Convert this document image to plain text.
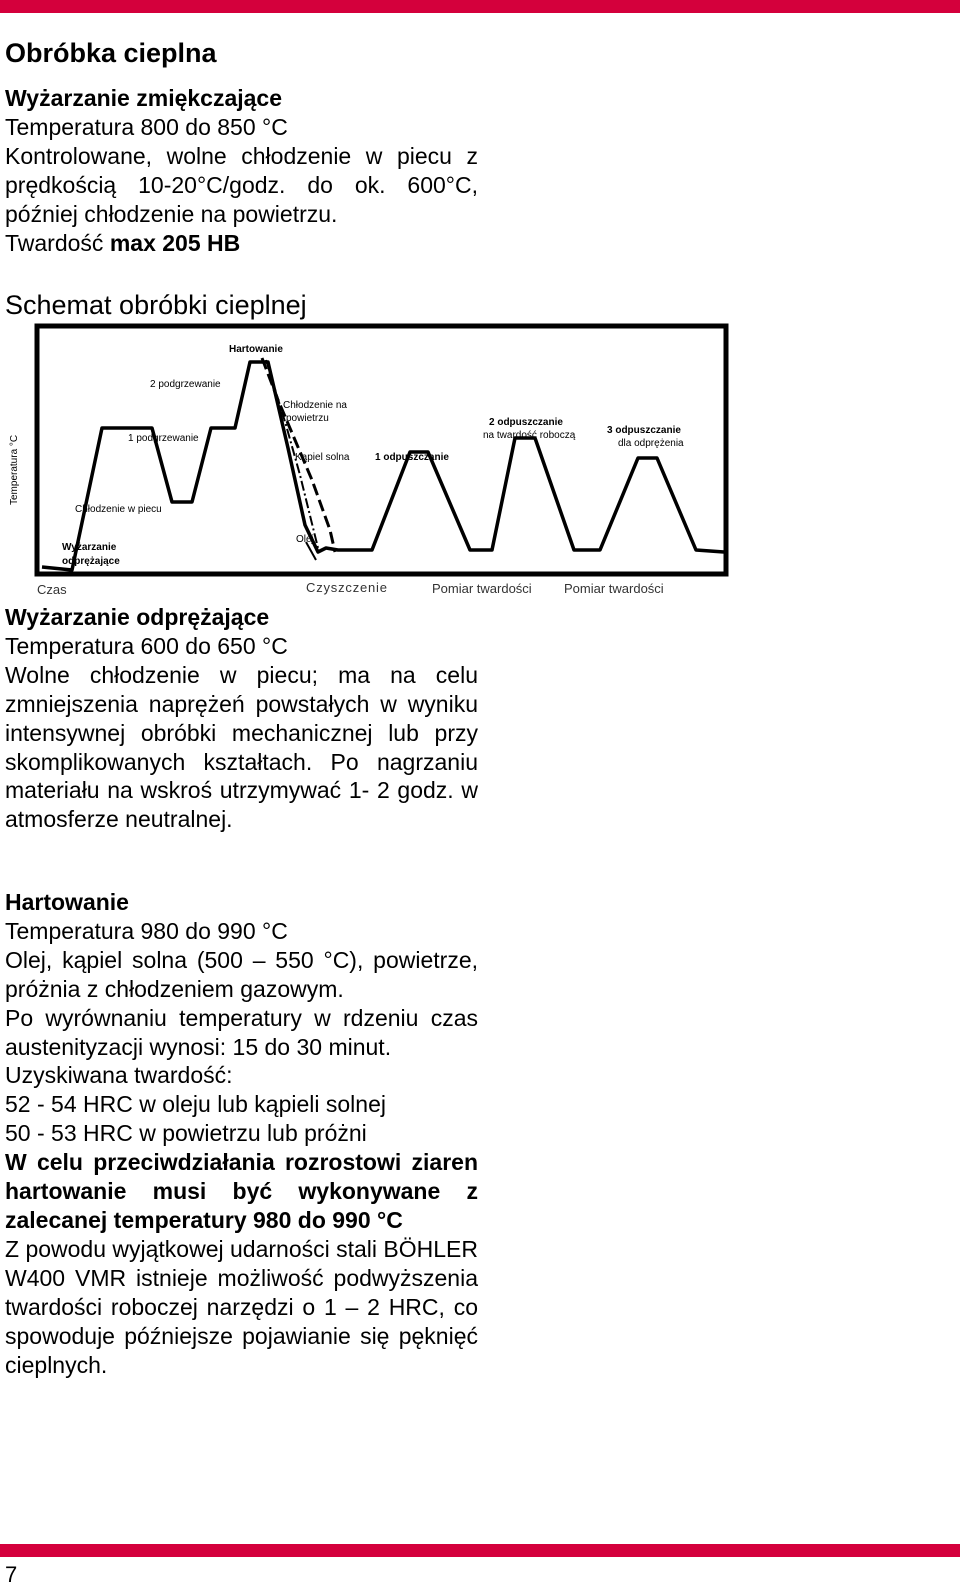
Obróbka cieplna

Wyżarzanie zmiękczające

Temperatura 800 do 850 °C

Kontrolowane, wolne chłodzenie w piecu z prędkością 10-20°C/godz. do ok. 600°C, później chłodzenie na powietrzu.

Twardość max 205 HB

Schemat obróbki cieplnej
Temperatura °C
Hartowanie
2 podgrzewanie
1 podgrzewanie
Chłodzenie w piecu
Wyżarzanie
odprężające
Chłodzenie na
powietrzu
Kąpiel solna
Olej
1 odpuszczanie
2 odpuszczanie
na twardość roboczą	3 odpuszczanie
dla odprężenia
Czas	Czyszczenie	Pomiar twardości Pomiar twardości

Wyżarzanie odprężające

Temperatura 600 do 650 °C

Wolne chłodzenie w piecu; ma na celu zmniejszenia naprężeń powstałych w wyniku intensywnej obróbki mechanicznej lub przy skomplikowanych kształtach. Po nagrzaniu materiału na wskroś utrzymywać 1- 2 godz. w atmosferze neutralnej.

Hartowanie

Temperatura 980 do 990 °C

Olej, kąpiel solna (500 – 550 °C), powietrze, próżnia z chłodzeniem gazowym.

Po wyrównaniu temperatury w rdzeniu czas austenityzacji wynosi: 15 do 30 minut.

Uzyskiwana twardość:

52 - 54 HRC w oleju lub kąpieli solnej

50 - 53 HRC w powietrzu lub próżni

W celu przeciwdziałania rozrostowi ziaren hartowanie musi być wykonywane z zalecanej temperatury 980 do 990 °C

Z powodu wyjątkowej udarności stali BÖHLER W400 VMR istnieje możliwość podwyższenia twardości roboczej narzędzi o 1 – 2 HRC, co spowoduje późniejsze pojawianie się pęknięć cieplnych.

7
